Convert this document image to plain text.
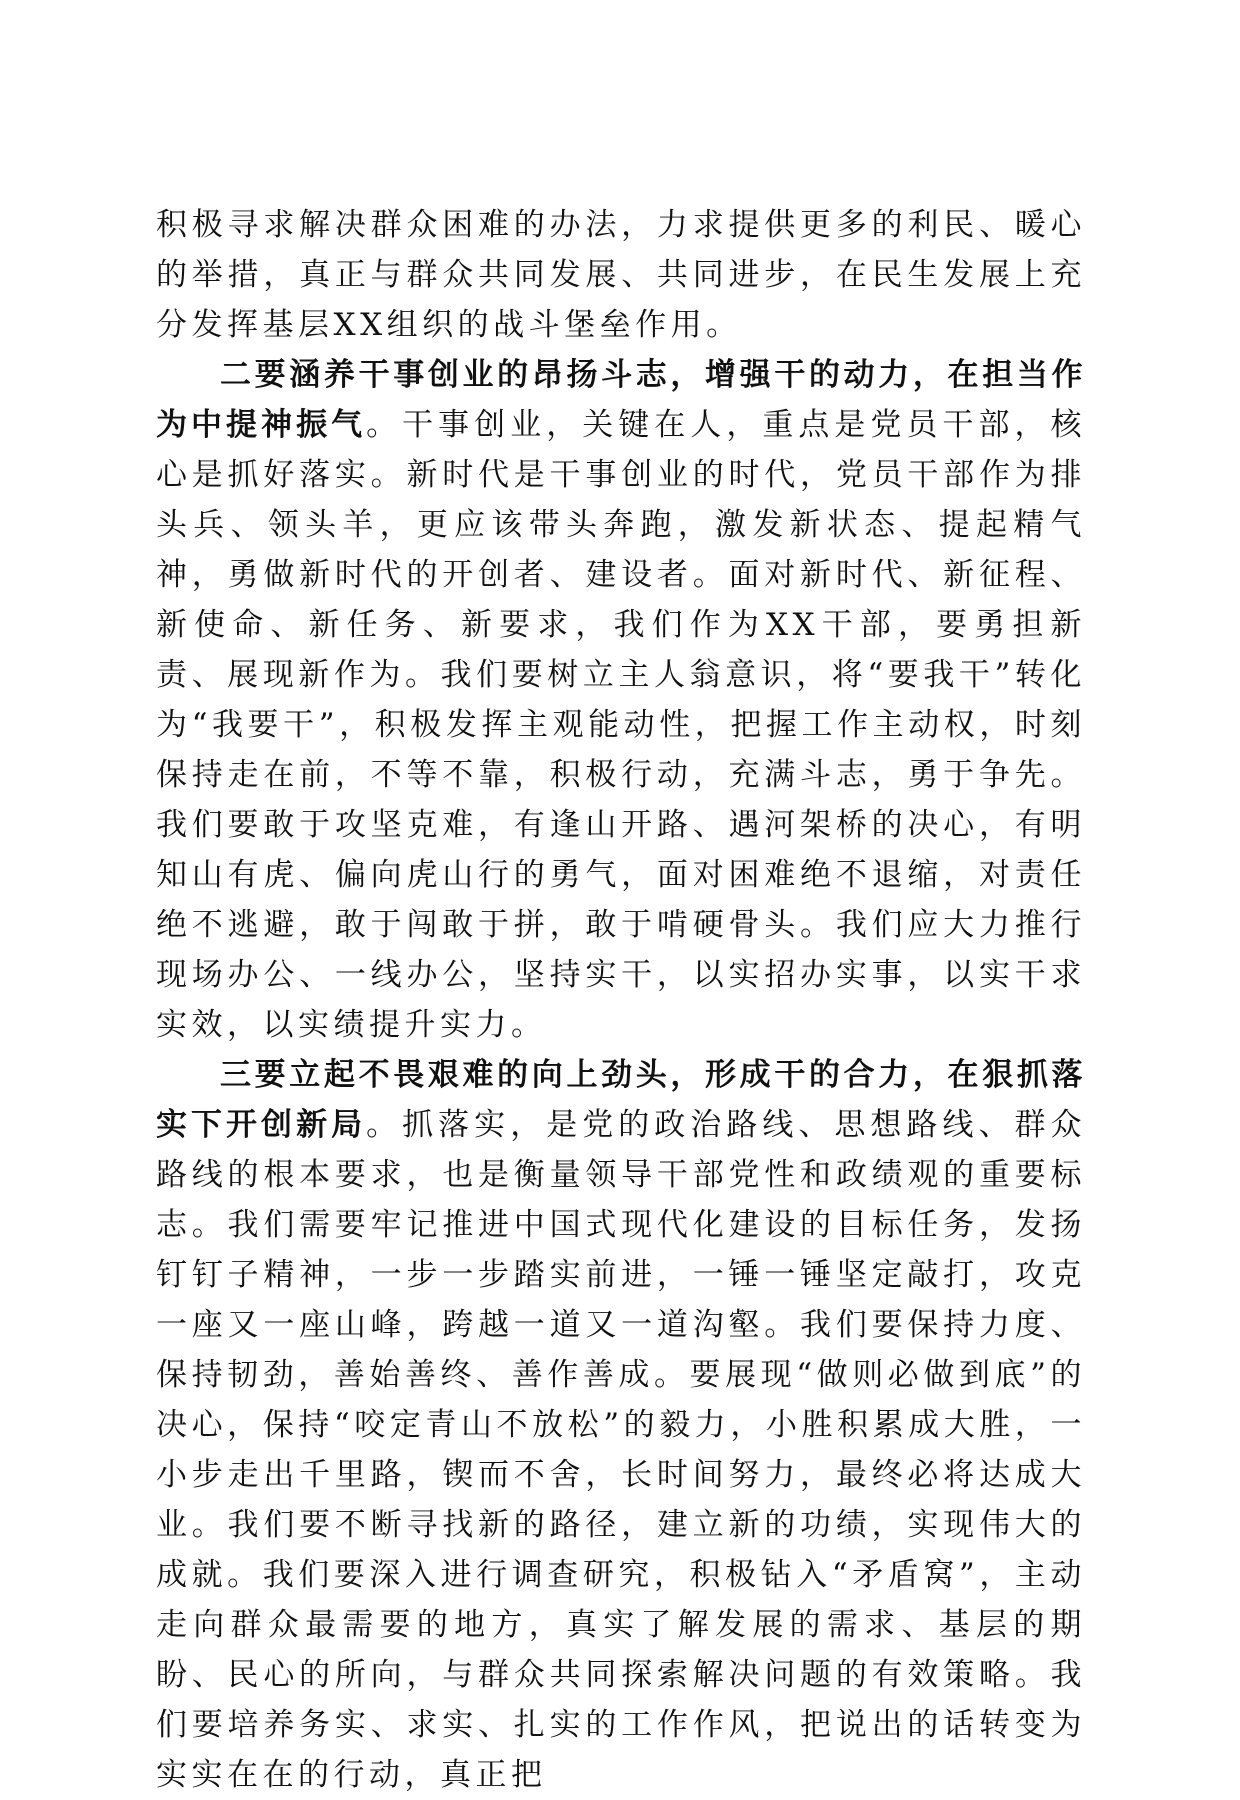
积极寻求解决群众困难的办法，力求提供更多的利民、暖心的举措，真正与群众共同发展、共同进步，在民生发展上充分发挥基层XX组织的战斗堡垒作用。

二要涵养干事创业的昂扬斗志，增强干的动力，在担当作为中提神振气。干事创业，关键在人，重点是党员干部，核心是抓好落实。新时代是干事创业的时代，党员干部作为排头兵、领头羊，更应该带头奔跑，激发新状态、提起精气神，勇做新时代的开创者、建设者。面对新时代、新征程、新使命、新任务、新要求，我们作为XX干部，要勇担新责、展现新作为。我们要树立主人翁意识，将“要我干”转化为“我要干”，积极发挥主观能动性，把握工作主动权，时刻保持走在前，不等不靠，积极行动，充满斗志，勇于争先。我们要敢于攻坚克难，有逢山开路、遇河架桥的决心，有明知山有虎、偏向虎山行的勇气，面对困难绝不退缩，对责任绝不逃避，敢于闯敢于拼，敢于啃硬骨头。我们应大力推行现场办公、一线办公，坚持实干，以实招办实事，以实干求实效，以实绩提升实力。

三要立起不畏艰难的向上劲头，形成干的合力，在狠抓落实下开创新局。抓落实，是党的政治路线、思想路线、群众路线的根本要求，也是衡量领导干部党性和政绩观的重要标志。我们需要牢记推进中国式现代化建设的目标任务，发扬钉钉子精神，一步一步踏实前进，一锤一锤坚定敲打，攻克一座又一座山峰，跨越一道又一道沟壑。我们要保持力度、保持韧劲，善始善终、善作善成。要展现“做则必做到底”的决心，保持“咬定青山不放松”的毅力，小胜积累成大胜，一小步走出千里路，锲而不舍，长时间努力，最终必将达成大业。我们要不断寻找新的路径，建立新的功绩，实现伟大的成就。我们要深入进行调查研究，积极钻入“矛盾窝”，主动走向群众最需要的地方，真实了解发展的需求、基层的期盼、民心的所向，与群众共同探索解决问题的有效策略。我们要培养务实、求实、扎实的工作作风，把说出的话转变为实实在在的行动，真正把
